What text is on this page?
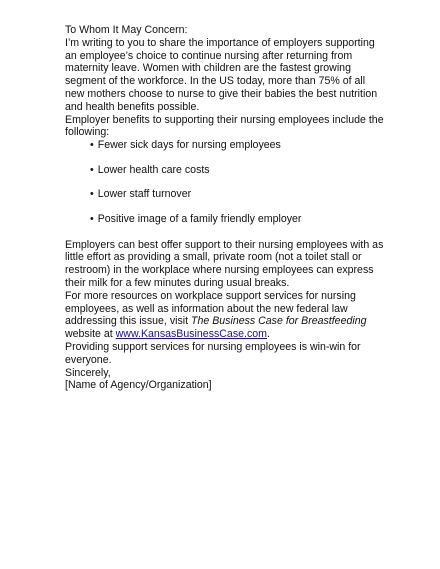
To Whom It May Concern:

I’m writing to you to share the importance of employers supporting an employee’s choice to continue nursing after returning from maternity leave. Women with children are the fastest growing segment of the workforce. In the US today, more than 75% of all new mothers choose to nurse to give their babies the best nutrition and health benefits possible.

Employer benefits to supporting their nursing employees include the following:

• Fewer sick days for nursing employees
• Lower health care costs
• Lower staff turnover
• Positive image of a family friendly employer

Employers can best offer support to their nursing employees with as little effort as providing a small, private room (not a toilet stall or restroom) in the workplace where nursing employees can express their milk for a few minutes during usual breaks.

For more resources on workplace support services for nursing employees, as well as information about the new federal law addressing this issue, visit The Business Case for Breastfeeding website at www.KansasBusinessCase.com.

Providing support services for nursing employees is win-win for everyone.

Sincerely,

[Name of Agency/Organization]
